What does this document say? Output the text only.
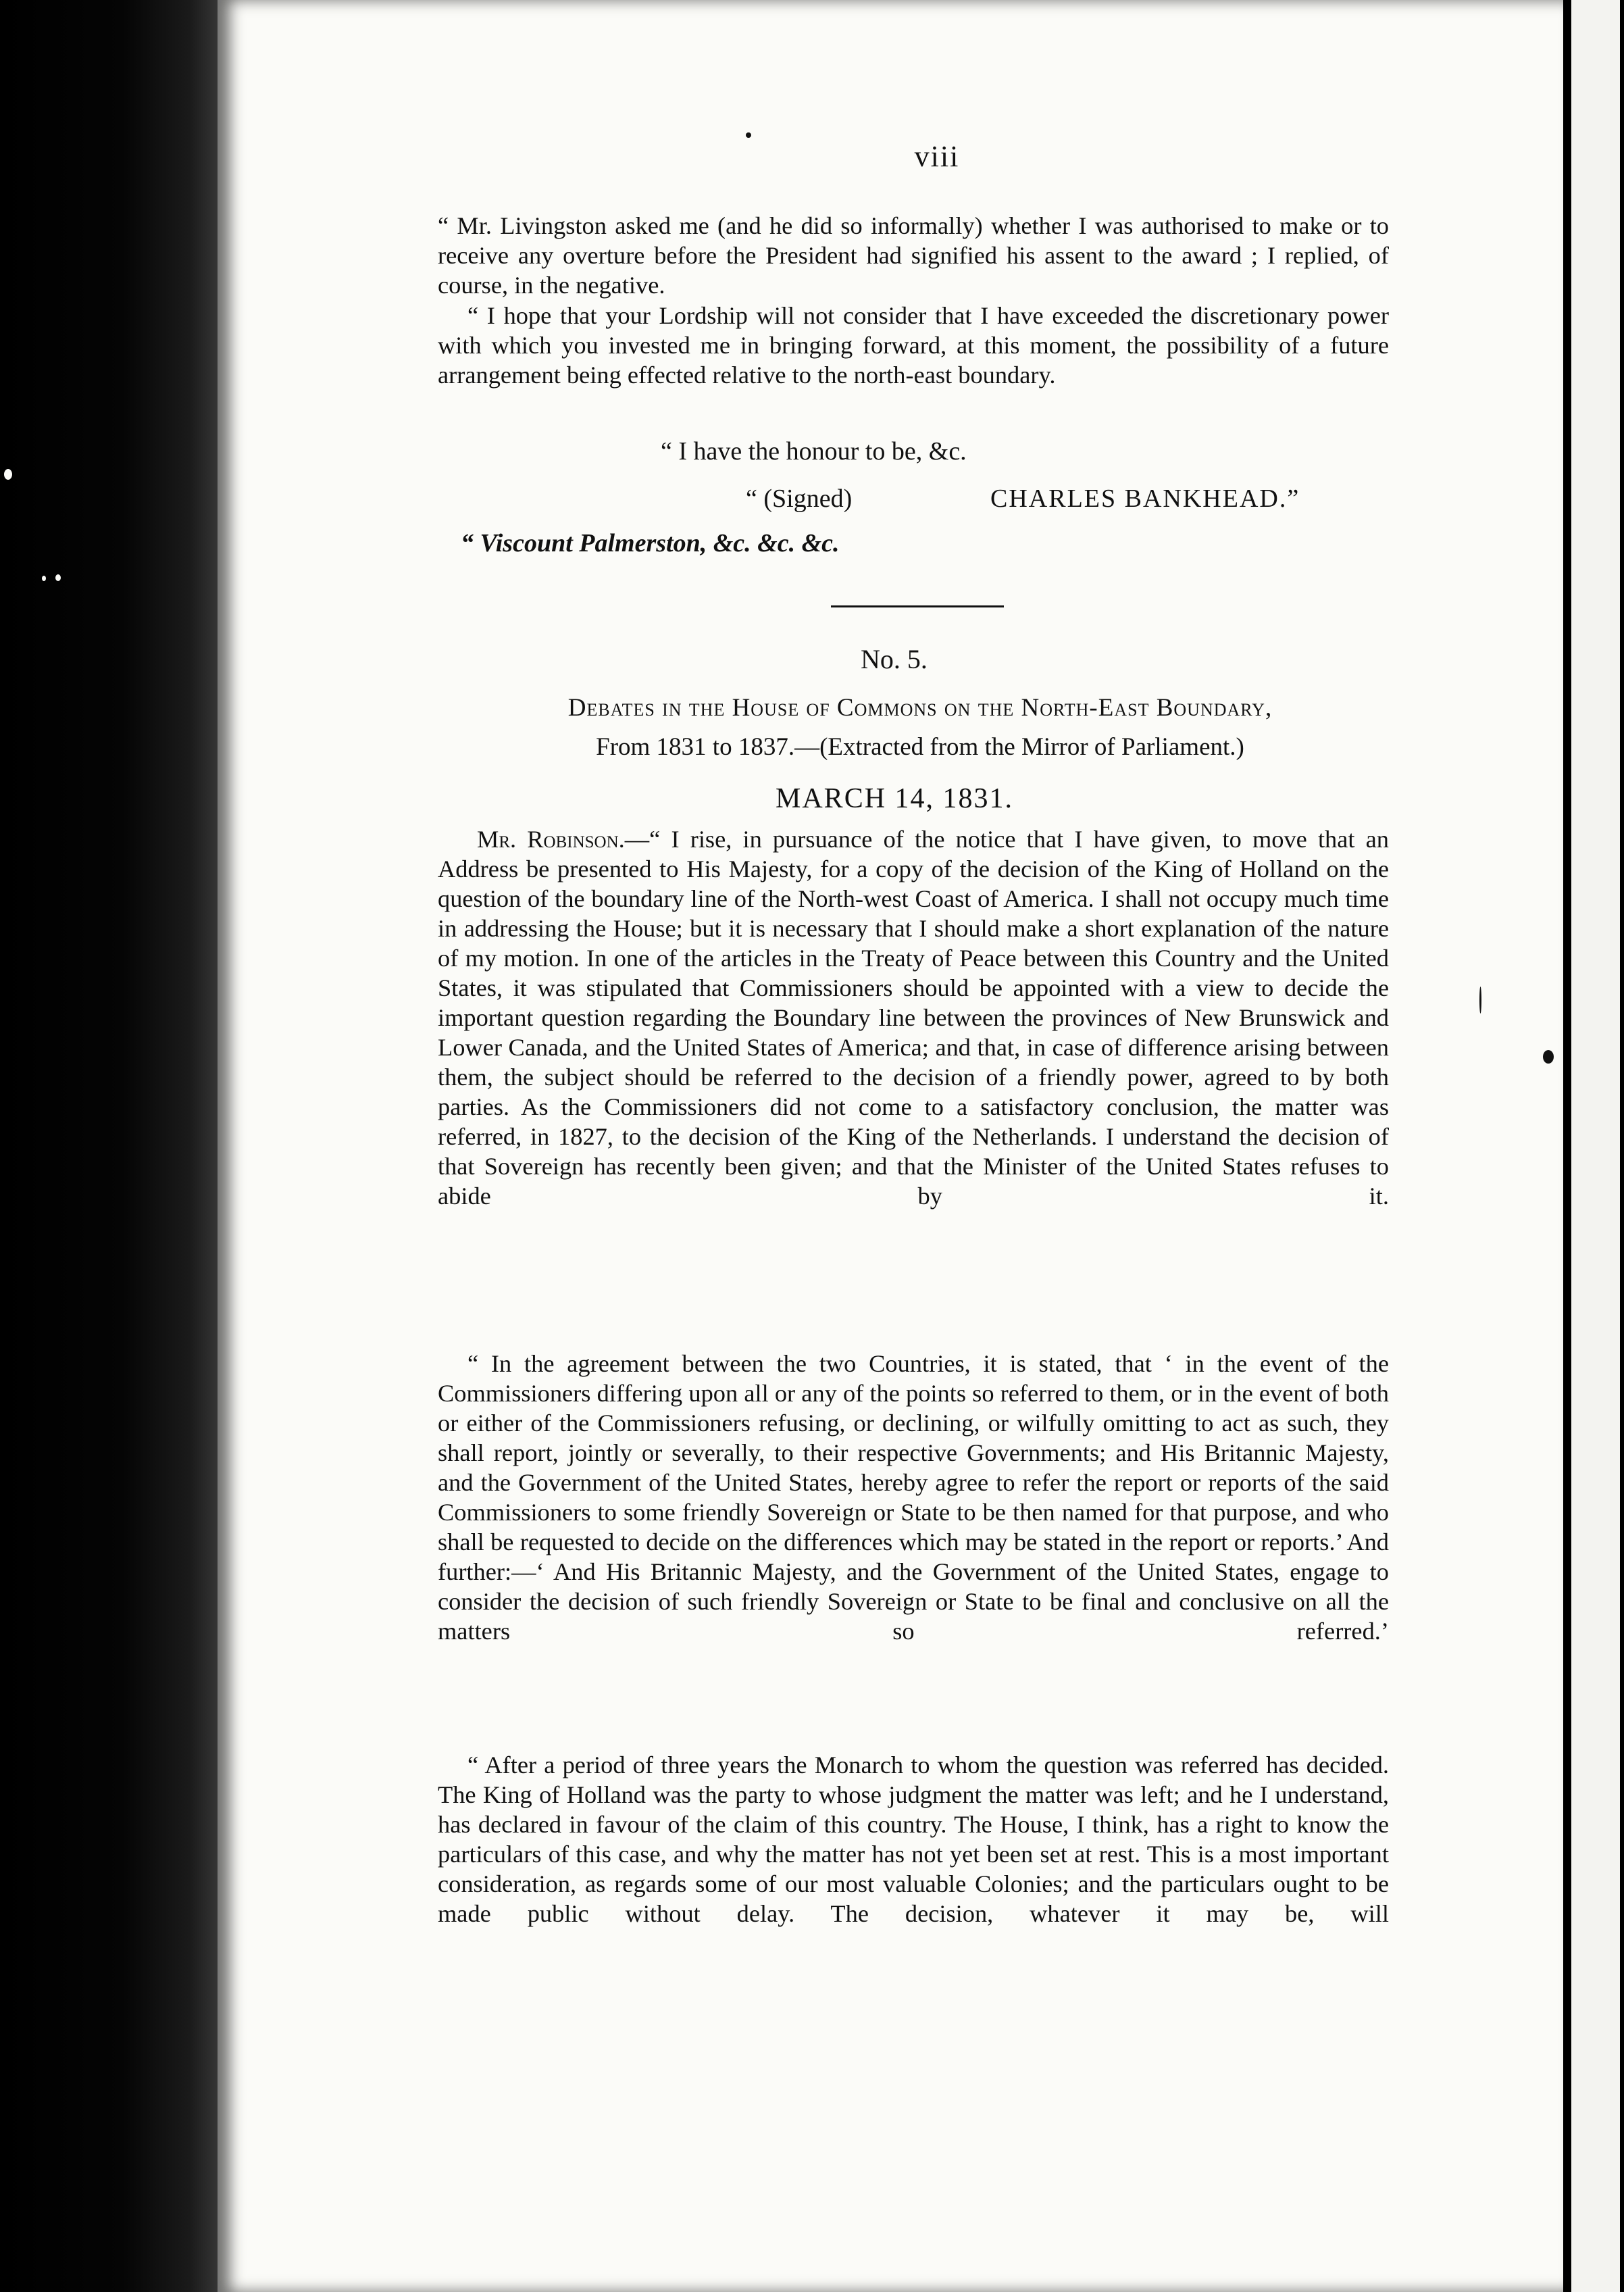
viii

“ Mr. Livingston asked me (and he did so informally) whether I was authorised to make or to receive any overture before the President had signified his assent to the award ; I replied, of course, in the negative.

“ I hope that your Lordship will not consider that I have exceeded the discretionary power with which you invested me in bringing forward, at this moment, the possibility of a future arrangement being effected relative to the north-east boundary.

“ I have the honour to be, &c.
“ (Signed)	CHARLES BANKHEAD.”
“ Viscount Palmerston, &c. &c. &c.
No. 5.
Debates in the House of Commons on the North-East Boundary,
From 1831 to 1837.—(Extracted from the Mirror of Parliament.)
MARCH 14, 1831.

Mr. Robinson.—“ I rise, in pursuance of the notice that I have given, to move that an Address be presented to His Majesty, for a copy of the decision of the King of Holland on the question of the boundary line of the North-west Coast of America. I shall not occupy much time in addressing the House; but it is necessary that I should make a short explanation of the nature of my motion. In one of the articles in the Treaty of Peace between this Country and the United States, it was stipulated that Commissioners should be appointed with a view to decide the important question regarding the Boundary line between the provinces of New Brunswick and Lower Canada, and the United States of America; and that, in case of difference arising between them, the subject should be referred to the decision of a friendly power, agreed to by both parties. As the Commissioners did not come to a satisfactory conclusion, the matter was referred, in 1827, to the decision of the King of the Netherlands. I understand the decision of that Sovereign has recently been given; and that the Minister of the United States refuses to abide by it.

“ In the agreement between the two Countries, it is stated, that ‘ in the event of the Commissioners differing upon all or any of the points so referred to them, or in the event of both or either of the Commissioners refusing, or declining, or wilfully omitting to act as such, they shall report, jointly or severally, to their respective Governments; and His Britannic Majesty, and the Government of the United States, hereby agree to refer the report or reports of the said Commissioners to some friendly Sovereign or State to be then named for that purpose, and who shall be requested to decide on the differences which may be stated in the report or reports.’ And further:—‘ And His Britannic Majesty, and the Government of the United States, engage to consider the decision of such friendly Sovereign or State to be final and conclusive on all the matters so referred.’

“ After a period of three years the Monarch to whom the question was referred has decided. The King of Holland was the party to whose judgment the matter was left; and he I understand, has declared in favour of the claim of this country. The House, I think, has a right to know the particulars of this case, and why the matter has not yet been set at rest. This is a most important consideration, as regards some of our most valuable Colonies; and the particulars ought to be made public without delay. The decision, whatever it may be, will
